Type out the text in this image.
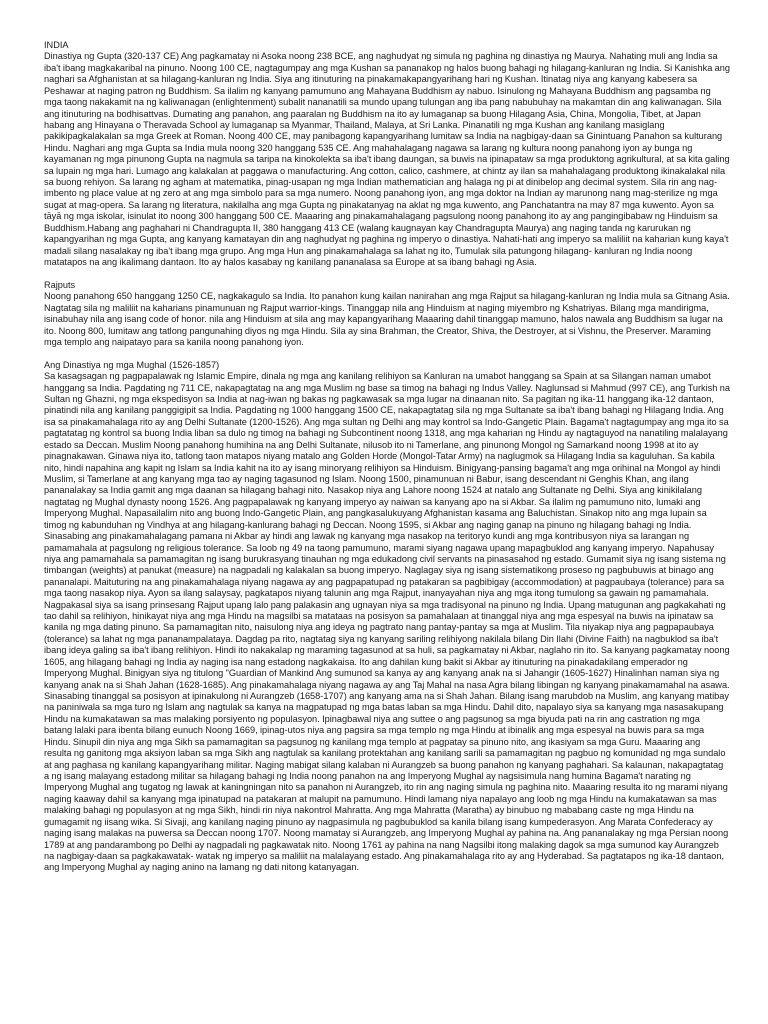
INDIA
Dinastiya ng Gupta (320-137 CE) Ang pagkamatay ni Asoka noong 238 BCE, ang naghudyat ng simula ng paghina ng dinastiya ng Maurya. Nahating muli ang India sa iba't ibang magkakaribal na pinuno. Noong 100 CE, nagtagumpay ang mga Kushan sa pananakop ng halos buong bahagi ng hilagang-kanluran ng India. Si Kanishka ang naghari sa Afghanistan at sa hilagang-kanluran ng India. Siya ang itinuturing na pinakamakapangyarihang hari ng Kushan. Itinatag niya ang kanyang kabesera sa Peshawar at naging patron ng Buddhism. Sa ilalim ng kanyang pamumuno ang Mahayana Buddhism ay nabuo. Isinulong ng Mahayana Buddhism ang pagsamba ng mga taong nakakamit na ng kaliwanagan (enlightenment) subalit nananatili sa mundo upang tulungan ang iba pang nabubuhay na makamtan din ang kaliwanagan. Sila ang itinuturing na bodhisattvas. Dumating ang panahon, ang paaralan ng Buddhism na ito ay lumaganap sa buong Hilagang Asia, China, Mongolia, Tibet, at Japan habang ang Hinayana o Theravada School ay lumaganap sa Myanmar, Thailand, Malaya, at Sri Lanka. Pinanatili ng mga Kushan ang kanilang masiglang pakikipagkalakalan sa mga Greek at Roman. Noong 400 CE, may panibagong kapangyarihang lumitaw sa India na nagbigay-daan sa Ginintuang Panahon sa kulturang Hindu. Naghari ang mga Gupta sa India mula noong 320 hanggang 535 CE. Ang mahahalagang nagawa sa larang ng kultura noong panahong iyon ay bunga ng kayamanan ng mga pinunong Gupta na nagmula sa taripa na kinokolekta sa iba't ibang daungan, sa buwis na ipinapataw sa mga produktong agrikultural, at sa kita galing sa lupain ng mga hari. Lumago ang kalakalan at paggawa o manufacturing. Ang cotton, calico, cashmere, at chintz ay ilan sa mahahalagang produktong ikinakalakal nila sa buong rehiyon. Sa larang ng agham at matematika, pinag-usapan ng mga Indian mathematician ang halaga ng pi at dinibelop ang decimal system. Sila rin ang nag-imbento ng place value at ng zero at ang mga simbolo para sa mga numero. Noong panahong iyon, ang mga doktor na Indian ay marunong nang mag-sterilize ng mga sugat at mag-opera. Sa larang ng literatura, nakilalha ang mga Gupta ng pinakatanyag na aklat ng mga kuwento, ang Panchatantra na may 87 mga kuwento. Ayon sa tāyā ng mga iskolar, isinulat ito noong 300 hanggang 500 CE. Maaaring ang pinakamahalagang pagsulong noong panahong ito ay ang pangingibabaw ng Hinduism sa Buddhism.Habang ang paghahari ni Chandragupta II, 380 hanggang 413 CE (walang kaugnayan kay Chandragupta Maurya) ang naging tanda ng karurukan ng kapangyarihan ng mga Gupta, ang kanyang kamatayan din ang naghudyat ng paghina ng imperyo o dinastiya. Nahati-hati ang imperyo sa maliliit na kaharian kung kaya't madali silang nasalakay ng iba't ibang mga grupo. Ang mga Hun ang pinakamahalaga sa lahat ng ito, Tumulak sila patungong hilagang- kanluran ng India noong matatapos na ang ikalimang dantaon. Ito ay halos kasabay ng kanilang pananalasa sa Europe at sa ibang bahagi ng Asia.
Rajputs
Noong panahong 650 hanggang 1250 CE, nagkakagulo sa India. Ito panahon kung kailan nanirahan ang mga Rajput sa hilagang-kanluran ng India mula sa Gitnang Asia. Nagtatag sila ng maliliit na kaharians pinamunuan ng Rajput warrior-kings. Tinanggap nila ang Hinduism at naging miyembro ng Kshatriyas. Bilang mga mandirigma, isinabuhay nila ang isang code of honor. nila ang Hinduism at sila ang may kapangyarihang Maaaring dahil tinanggap mamuno, halos nawala ang Buddhism sa lugar na ito. Noong 800, lumitaw ang tatlong pangunahing diyos ng mga Hindu. Sila ay sina Brahman, the Creator, Shiva, the Destroyer, at si Vishnu, the Preserver. Maraming mga templo ang naipatayo para sa kanila noong panahong iyon.
Ang Dinastiya ng mga Mughal (1526-1857)
Sa kasagsagan ng pagpapalawak ng Islamic Empire, dinala ng mga ang kanilang relihiyon sa Kanluran na umabot hanggang sa Spain at sa Silangan naman umabot hanggang sa India. Pagdating ng 711 CE, nakapagtatag na ang mga Muslim ng base sa timog na bahagi ng Indus Valley. Naglunsad si Mahmud (997 CE), ang Turkish na Sultan ng Ghazni, ng mga ekspedisyon sa India at nag-iwan ng bakas ng pagkawasak sa mga lugar na dinaanan nito. Sa pagitan ng ika-11 hanggang ika-12 dantaon, pinatindi nila ang kanilang panggigipit sa India. Pagdating ng 1000 hanggang 1500 CE, nakapagtatag sila ng mga Sultanate sa iba't ibang bahagi ng Hilagang India. Ang isa sa pinakamahalaga rito ay ang Delhi Sultanate (1200-1526). Ang mga sultan ng Delhi ang may kontrol sa Indo-Gangetic Plain. Bagama't nagtagumpay ang mga ito sa pagtatatag ng kontrol sa buong India liban sa dulo ng timog na bahagi ng Subcontinent noong 1318, ang mga kaharian ng Hindu ay nagtaguyod na nanatiling malalayang estado sa Deccan. Muslim Noong panahong humihina na ang Delhi Sultanate, nilusob ito ni Tamerlane, ang pinunong Mongol ng Samarkand noong 1998 at ito ay pinagnakawan. Ginawa niya ito, tatlong taon matapos niyang matalo ang Golden Horde (Mongol-Tatar Army) na naglugmok sa Hilagang India sa kaguluhan. Sa kabila nito, hindi napahina ang kapit ng Islam sa India kahit na ito ay isang minoryang relihiyon sa Hinduism. Binigyang-pansing bagama't ang mga orihinal na Mongol ay hindi Muslim, si Tamerlane at ang kanyang mga tao ay naging tagasunod ng Islam. Noong 1500, pinamunuan ni Babur, isang descendant ni Genghis Khan, ang ilang pananalakay sa India gamit ang mga daanan sa hilagang bahagi nito. Nasakop niya ang Lahore noong 1524 at natalo ang Sultanate ng Delhi. Siya ang kinikilalang nagtatag ng Mughal dynasty noong 1526. Ang pagpapalawak ng kanyang imperyo ay naiwan sa kanyang apo na si Akbar. Sa ilalim ng pamumuno nito, lumaki ang Imperyong Mughal. Napasailalim nito ang buong Indo-Gangetic Plain, ang pangkasalukuyang Afghanistan kasama ang Baluchistan. Sinakop nito ang mga lupain sa timog ng kabunduhan ng Vindhya at ang hilagang-kanlurang bahagi ng Deccan. Noong 1595, si Akbar ang naging ganap na pinuno ng hilagang bahagi ng India. Sinasabing ang pinakamahalagang pamana ni Akbar ay hindi ang lawak ng kanyang mga nasakop na teritoryo kundi ang mga kontribusyon niya sa larangan ng pamamahala at pagsulong ng religious tolerance. Sa loob ng 49 na taong pamumuno, marami siyang nagawa upang mapagbuklod ang kanyang imperyo. Napahusay niya ang pamamahala sa pamamagitan ng isang burukrasyang tinauhan ng mga edukadong civil servants na pinasasahod ng estado. Gumamit siya ng isang sistema ng timbangan (weights) at panukat (measure) na nagpadali ng kalakalan sa buong imperyo. Naglagay siya ng isang sistematikong proseso ng pagbubuwis at binago ang pananalapi. Maituturing na ang pinakamahalaga niyang nagawa ay ang pagpapatupad ng patakaran sa pagbibigay (accommodation) at pagpaubaya (tolerance) para sa mga taong nasakop niya. Ayon sa ilang salaysay, pagkatapos niyang talunin ang mga Rajput, inanyayahan niya ang mga itong tumulong sa gawain ng pamamahala. Nagpakasal siya sa isang prinsesang Rajput upang lalo pang palakasin ang ugnayan niya sa mga tradisyonal na pinuno ng India. Upang matugunan ang pagkakahati ng tao dahil sa relihiyon, hinikayat niya ang mga Hindu na magsilbi sa matataas na posisyon sa pamahalaan at tinanggal niya ang mga espesyal na buwis na ipinataw sa kanila ng mga dating pinuno. Sa pamamagitan nito, naisulong niya ang ideya ng pagtrato nang pantay-pantay sa mga at Muslim. Tila niyakap niya ang pagpapaubaya (tolerance) sa lahat ng mga pananampalataya. Dagdag pa rito, nagtatag siya ng kanyang sariling relihiyong nakilala bilang Din Ilahi (Divine Faith) na nagbuklod sa iba't ibang ideya galing sa iba't ibang relihiyon. Hindi ito nakakalap ng maraming tagasunod at sa huli, sa pagkamatay ni Akbar, naglaho rin ito. Sa kanyang pagkamatay noong 1605, ang hilagang bahagi ng India ay naging isa nang estadong nagkakaisa. Ito ang dahilan kung bakit si Akbar ay itinuturing na pinakadakilang emperador ng Imperyong Mughal. Binigyan siya ng titulong "Guardian of Mankind Ang sumunod sa kanya ay ang kanyang anak na si Jahangir (1605-1627) Hinalinhan naman siya ng kanyang anak na si Shah Jahan (1628-1685). Ang pinakamahalaga niyang nagawa ay ang Taj Mahal na nasa Agra bilang libingan ng kanyang pinakamamahal na asawa. Sinasabing tinanggal sa posisyon at ipinakulong ni Aurangzeb (1658-1707) ang kanyang ama na si Shah Jahan. Bilang isang marubdob na Muslim, ang kanyang matibay na paniniwala sa mga turo ng Islam ang nagtulak sa kanya na magpatupad ng mga batas laban sa mga Hindu. Dahil dito, napalayo siya sa kanyang mga nasasakupang Hindu na kumakatawan sa mas malaking porsiyento ng populasyon. Ipinagbawal niya ang suttee o ang pagsunog sa mga biyuda pati na rin ang castration ng mga batang lalaki para ibenta bilang eunuch Noong 1669, ipinag-utos niya ang pagsira sa mga templo ng mga Hindu at ibinalik ang mga espesyal na buwis para sa mga Hindu. Sinupil din niya ang mga Sikh sa pamamagitan sa pagsunog ng kanilang mga templo at pagpatay sa pinuno nito, ang ikasiyam sa mga Guru. Maaaring ang resulta ng ganitong mga aksiyon laban sa mga Sikh ang nagtulak sa kanilang protektahan ang kanilang sarili sa pamamagitan ng pagbuo ng komunidad ng mga sundalo at ang paghasa ng kanilang kapangyarihang militar. Naging mabigat silang kalaban ni Aurangzeb sa buong panahon ng kanyang paghahari. Sa kalaunan, nakapagtatag a ng isang malayang estadong militar sa hilagang bahagi ng India noong panahon na ang Imperyong Mughal ay nagsisimula nang humina Bagama't narating ng Imperyong Mughal ang tugatog ng lawak at kaningningan nito sa panahon ni Aurangzeb, ito rin ang naging simula ng paghina nito. Maaaring resulta ito ng marami niyang naging kaaway dahil sa kanyang mga ipinatupad na patakaran at malupit na pamumuno. Hindi lamang niya napalayo ang loob ng mga Hindu na kumakatawan sa mas malaking bahagi ng populasyon at ng mga Sikh, hindi rin niya nakontrol Mahratta. Ang mga Mahratta (Maratha) ay binubuo ng mababang caste ng mga Hindu na gumagamit ng iisang wika. Si Sivaji, ang kanilang naging pinuno ay nagpasimula ng pagbubuklod sa kanila bilang isang kumpederasyon. Ang Marata Confederacy ay naging isang malakas na puwersa sa Deccan noong 1707. Noong mamatay si Aurangzeb, ang Imperyong Mughal ay pahina na. Ang pananalakay ng mga Persian noong 1789 at ang pandarambong po Delhi ay nagpadali ng pagkawatak nito. Noong 1761 ay pahina na nang Nagsilbi itong malaking dagok sa mga sumunod kay Aurangzeb na nagbigay-daan sa pagkakawatak- watak ng imperyo sa maliliit na malalayang estado. Ang pinakamahalaga rito ay ang Hyderabad. Sa pagtatapos ng ika-18 dantaon, ang Imperyong Mughal ay naging anino na lamang ng dati nitong katanyagan.
